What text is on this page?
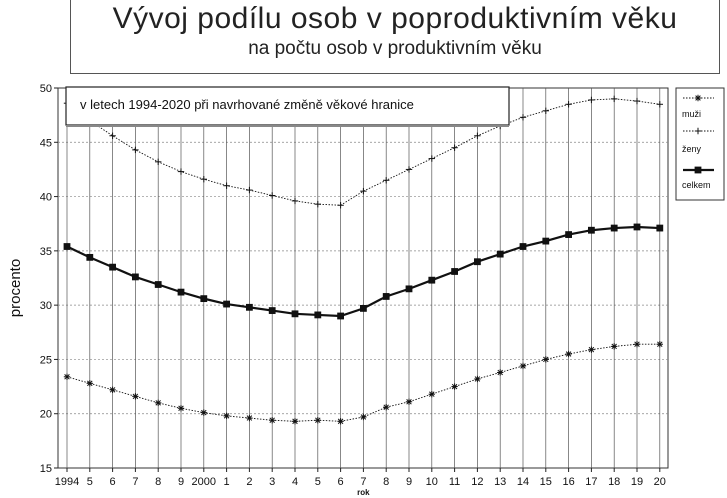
Vývoj podílu osob v poproduktivním věku
na počtu osob v produktivním věku
15
20
25
30
35
40
45
50
1994 5 6 7 8 9 2000 1 2 3 4 5 6 7 8 9 10 11 12 13 14 15 16 17 18 19 20
rok
procento
v letech 1994-2020 při navrhované změně věkové hranice
muži
ženy
celkem
